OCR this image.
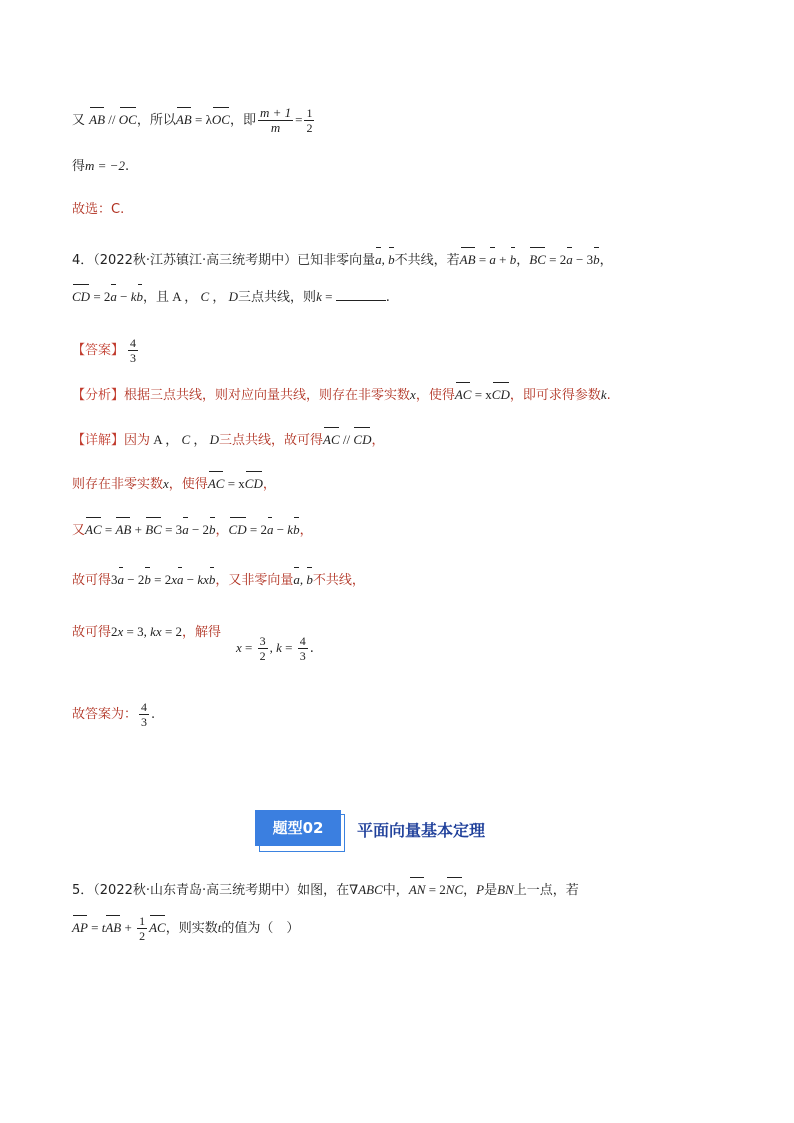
又 AB // OC，所以AB = λOC，即 $\frac{m + 1}{m} = \frac{1}{2}$
得m = −2.
故选：C.
4．（2022秋·江苏镇江·高三统考期中）已知非零向量a, b不共线，若AB = a + b，BC = 2a − 3b，
CD = 2a − kb，且 A ， C ， D三点共线，则k =	.
【答案】 $\frac{4}{3}$
【分析】根据三点共线，则对应向量共线，则存在非零实数x，使得AC = xCD，即可求得参数k.
【详解】因为 A ， C ， D三点共线，故可得AC // CD，
则存在非零实数x，使得AC = xCD，
又AC = AB + BC = 3a − 2b，CD = 2a − kb，
故可得3a − 2b = 2xa − kxb，又非零向量a, b不共线，
故可得2x = 3, kx = 2，解得
$x = \frac{3}{2}$ , $k = \frac{4}{3}$ .
故答案为： $\frac{4}{3}$ .
题型02	平面向量基本定理
5．（2022秋·山东青岛·高三统考期中）如图，在∇ABC中，AN = 2NC，P是BN上一点，若
AP = tAB + $\frac{1}{2}$ AC，则实数t的值为（　）
